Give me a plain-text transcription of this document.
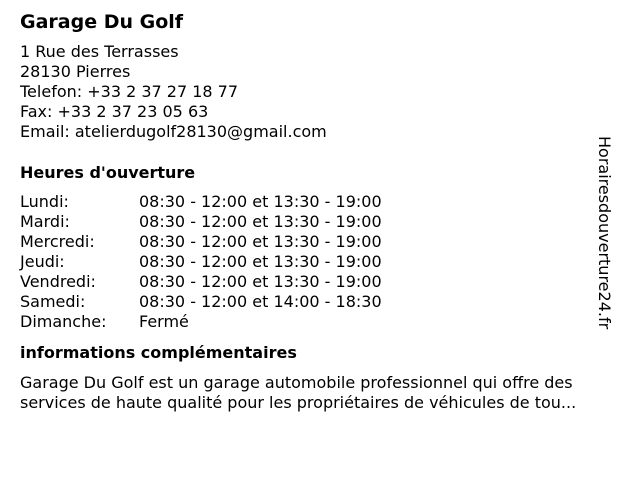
Garage Du Golf
1 Rue des Terrasses
28130 Pierres
Telefon: +33 2 37 27 18 77
Fax: +33 2 37 23 05 63
Email: atelierdugolf28130@gmail.com
Heures d'ouverture
Lundi:	08:30 - 12:00 et 13:30 - 19:00
Mardi:	08:30 - 12:00 et 13:30 - 19:00
Mercredi:	08:30 - 12:00 et 13:30 - 19:00
Jeudi:	08:30 - 12:00 et 13:30 - 19:00
Vendredi:	08:30 - 12:00 et 13:30 - 19:00
Samedi:	08:30 - 12:00 et 14:00 - 18:30
Dimanche:	Fermé
informations complémentaires

Garage Du Golf est un garage automobile professionnel qui offre des services de haute qualité pour les propriétaires de véhicules de tou...

Horairesdouverture24.fr
